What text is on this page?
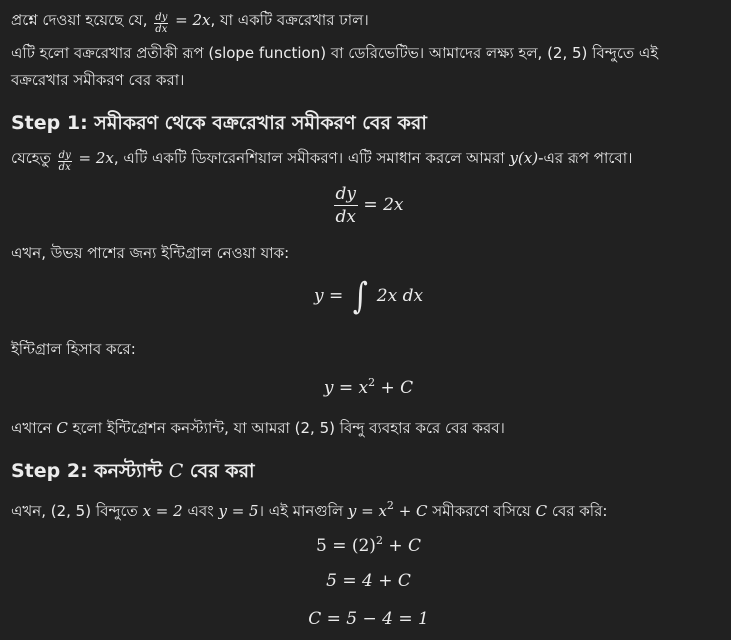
প্রশ্নে দেওয়া হয়েছে যে, $\frac{dy}{dx} = 2x$, যা একটি বক্ররেখার ঢাল।
এটি হলো বক্ররেখার প্রতীকী রূপ (slope function) বা ডেরিভেটিভ। আমাদের লক্ষ্য হল, (2, 5) বিন্দুতে এই
বক্ররেখার সমীকরণ বের করা।
Step 1: সমীকরণ থেকে বক্ররেখার সমীকরণ বের করা
যেহেতু $\frac{dy}{dx} = 2x$, এটি একটি ডিফারেনশিয়াল সমীকরণ। এটি সমাধান করলে আমরা y(x)-এর রূপ পাবো।
$\frac{dy}{dx} = 2x$
এখন, উভয় পাশের জন্য ইন্টিগ্রাল নেওয়া যাক:
y = ∫ 2x dx
ইন্টিগ্রাল হিসাব করে:
$y = x^2 + C$
এখানে C হলো ইন্টিগ্রেশন কনস্ট্যান্ট, যা আমরা (2, 5) বিন্দু ব্যবহার করে বের করব।
Step 2: কনস্ট্যান্ট C বের করা
এখন, (2, 5) বিন্দুতে x = 2 এবং y = 5। এই মানগুলি $y = x^2 + C$ সমীকরণে বসিয়ে C বের করি:
$5 = (2)^2 + C$
5 = 4 + C
C = 5 − 4 = 1
